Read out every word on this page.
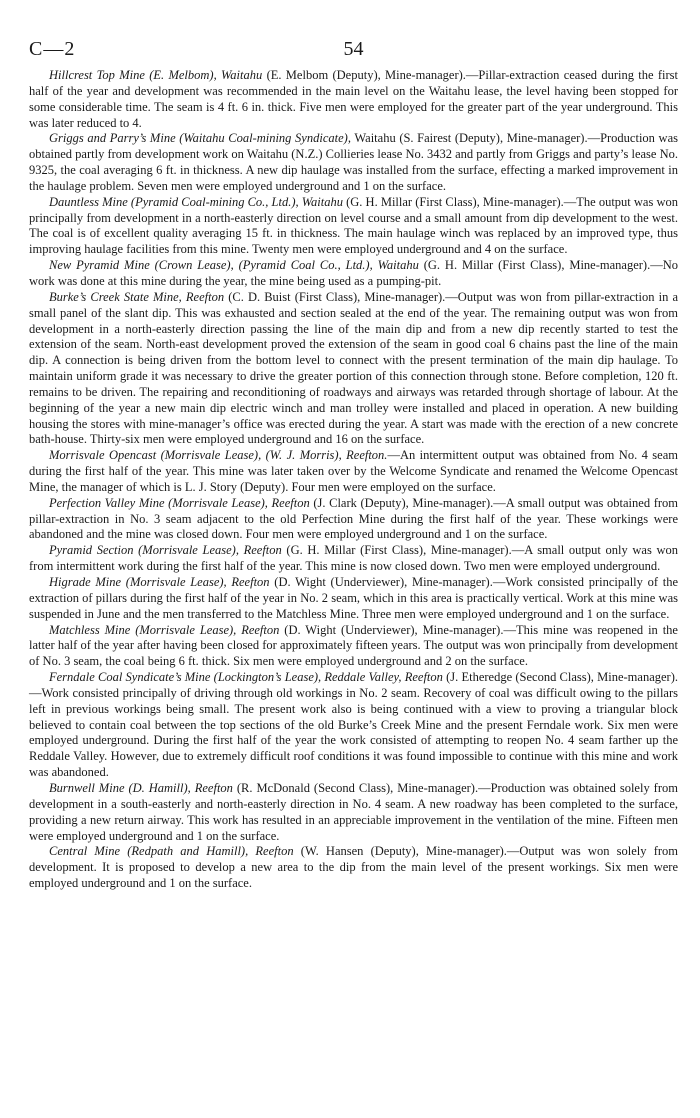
C—2	54

Hillcrest Top Mine (E. Melbom), Waitahu (E. Melbom (Deputy), Mine-manager).—Pillar-extraction ceased during the first half of the year and development was recommended in the main level on the Waitahu lease, the level having been stopped for some considerable time. The seam is 4 ft. 6 in. thick. Five men were employed for the greater part of the year underground. This was later reduced to 4.

Griggs and Parry’s Mine (Waitahu Coal-mining Syndicate), Waitahu (S. Fairest (Deputy), Mine-manager).—Production was obtained partly from development work on Waitahu (N.Z.) Collieries lease No. 3432 and partly from Griggs and party’s lease No. 9325, the coal averaging 6 ft. in thickness. A new dip haulage was installed from the surface, effecting a marked improvement in the haulage problem. Seven men were employed underground and 1 on the surface.

Dauntless Mine (Pyramid Coal-mining Co., Ltd.), Waitahu (G. H. Millar (First Class), Mine-manager).—The output was won principally from development in a north-easterly direction on level course and a small amount from dip development to the west. The coal is of excellent quality averaging 15 ft. in thickness. The main haulage winch was replaced by an improved type, thus improving haulage facilities from this mine. Twenty men were employed underground and 4 on the surface.

New Pyramid Mine (Crown Lease), (Pyramid Coal Co., Ltd.), Waitahu (G. H. Millar (First Class), Mine-manager).—No work was done at this mine during the year, the mine being used as a pumping-pit.

Burke’s Creek State Mine, Reefton (C. D. Buist (First Class), Mine-manager).—Output was won from pillar-extraction in a small panel of the slant dip. This was exhausted and section sealed at the end of the year. The remaining output was won from development in a north-easterly direction passing the line of the main dip and from a new dip recently started to test the extension of the seam. North-east development proved the extension of the seam in good coal 6 chains past the line of the main dip. A connection is being driven from the bottom level to connect with the present termination of the main dip haulage. To maintain uniform grade it was necessary to drive the greater portion of this connection through stone. Before completion, 120 ft. remains to be driven. The repairing and reconditioning of roadways and airways was retarded through shortage of labour. At the beginning of the year a new main dip electric winch and man trolley were installed and placed in operation. A new building housing the stores with mine-manager’s office was erected during the year. A start was made with the erection of a new concrete bath-house. Thirty-six men were employed underground and 16 on the surface.

Morrisvale Opencast (Morrisvale Lease), (W. J. Morris), Reefton.—An intermittent output was obtained from No. 4 seam during the first half of the year. This mine was later taken over by the Welcome Syndicate and renamed the Welcome Opencast Mine, the manager of which is L. J. Story (Deputy). Four men were employed on the surface.

Perfection Valley Mine (Morrisvale Lease), Reefton (J. Clark (Deputy), Mine-manager).—A small output was obtained from pillar-extraction in No. 3 seam adjacent to the old Perfection Mine during the first half of the year. These workings were abandoned and the mine was closed down. Four men were employed underground and 1 on the surface.

Pyramid Section (Morrisvale Lease), Reefton (G. H. Millar (First Class), Mine-manager).—A small output only was won from intermittent work during the first half of the year. This mine is now closed down. Two men were employed underground.

Higrade Mine (Morrisvale Lease), Reefton (D. Wight (Underviewer), Mine-manager).—Work consisted principally of the extraction of pillars during the first half of the year in No. 2 seam, which in this area is practically vertical. Work at this mine was suspended in June and the men transferred to the Matchless Mine. Three men were employed underground and 1 on the surface.

Matchless Mine (Morrisvale Lease), Reefton (D. Wight (Underviewer), Mine-manager).—This mine was reopened in the latter half of the year after having been closed for approximately fifteen years. The output was won principally from development of No. 3 seam, the coal being 6 ft. thick. Six men were employed underground and 2 on the surface.

Ferndale Coal Syndicate’s Mine (Lockington’s Lease), Reddale Valley, Reefton (J. Etheredge (Second Class), Mine-manager).—Work consisted principally of driving through old workings in No. 2 seam. Recovery of coal was difficult owing to the pillars left in previous workings being small. The present work also is being continued with a view to proving a triangular block believed to contain coal between the top sections of the old Burke’s Creek Mine and the present Ferndale work. Six men were employed underground. During the first half of the year the work consisted of attempting to reopen No. 4 seam farther up the Reddale Valley. However, due to extremely difficult roof conditions it was found impossible to continue with this mine and work was abandoned.

Burnwell Mine (D. Hamill), Reefton (R. McDonald (Second Class), Mine-manager).—Production was obtained solely from development in a south-easterly and north-easterly direction in No. 4 seam. A new roadway has been completed to the surface, providing a new return airway. This work has resulted in an appreciable improvement in the ventilation of the mine. Fifteen men were employed underground and 1 on the surface.

Central Mine (Redpath and Hamill), Reefton (W. Hansen (Deputy), Mine-manager).—Output was won solely from development. It is proposed to develop a new area to the dip from the main level of the present workings. Six men were employed underground and 1 on the surface.
